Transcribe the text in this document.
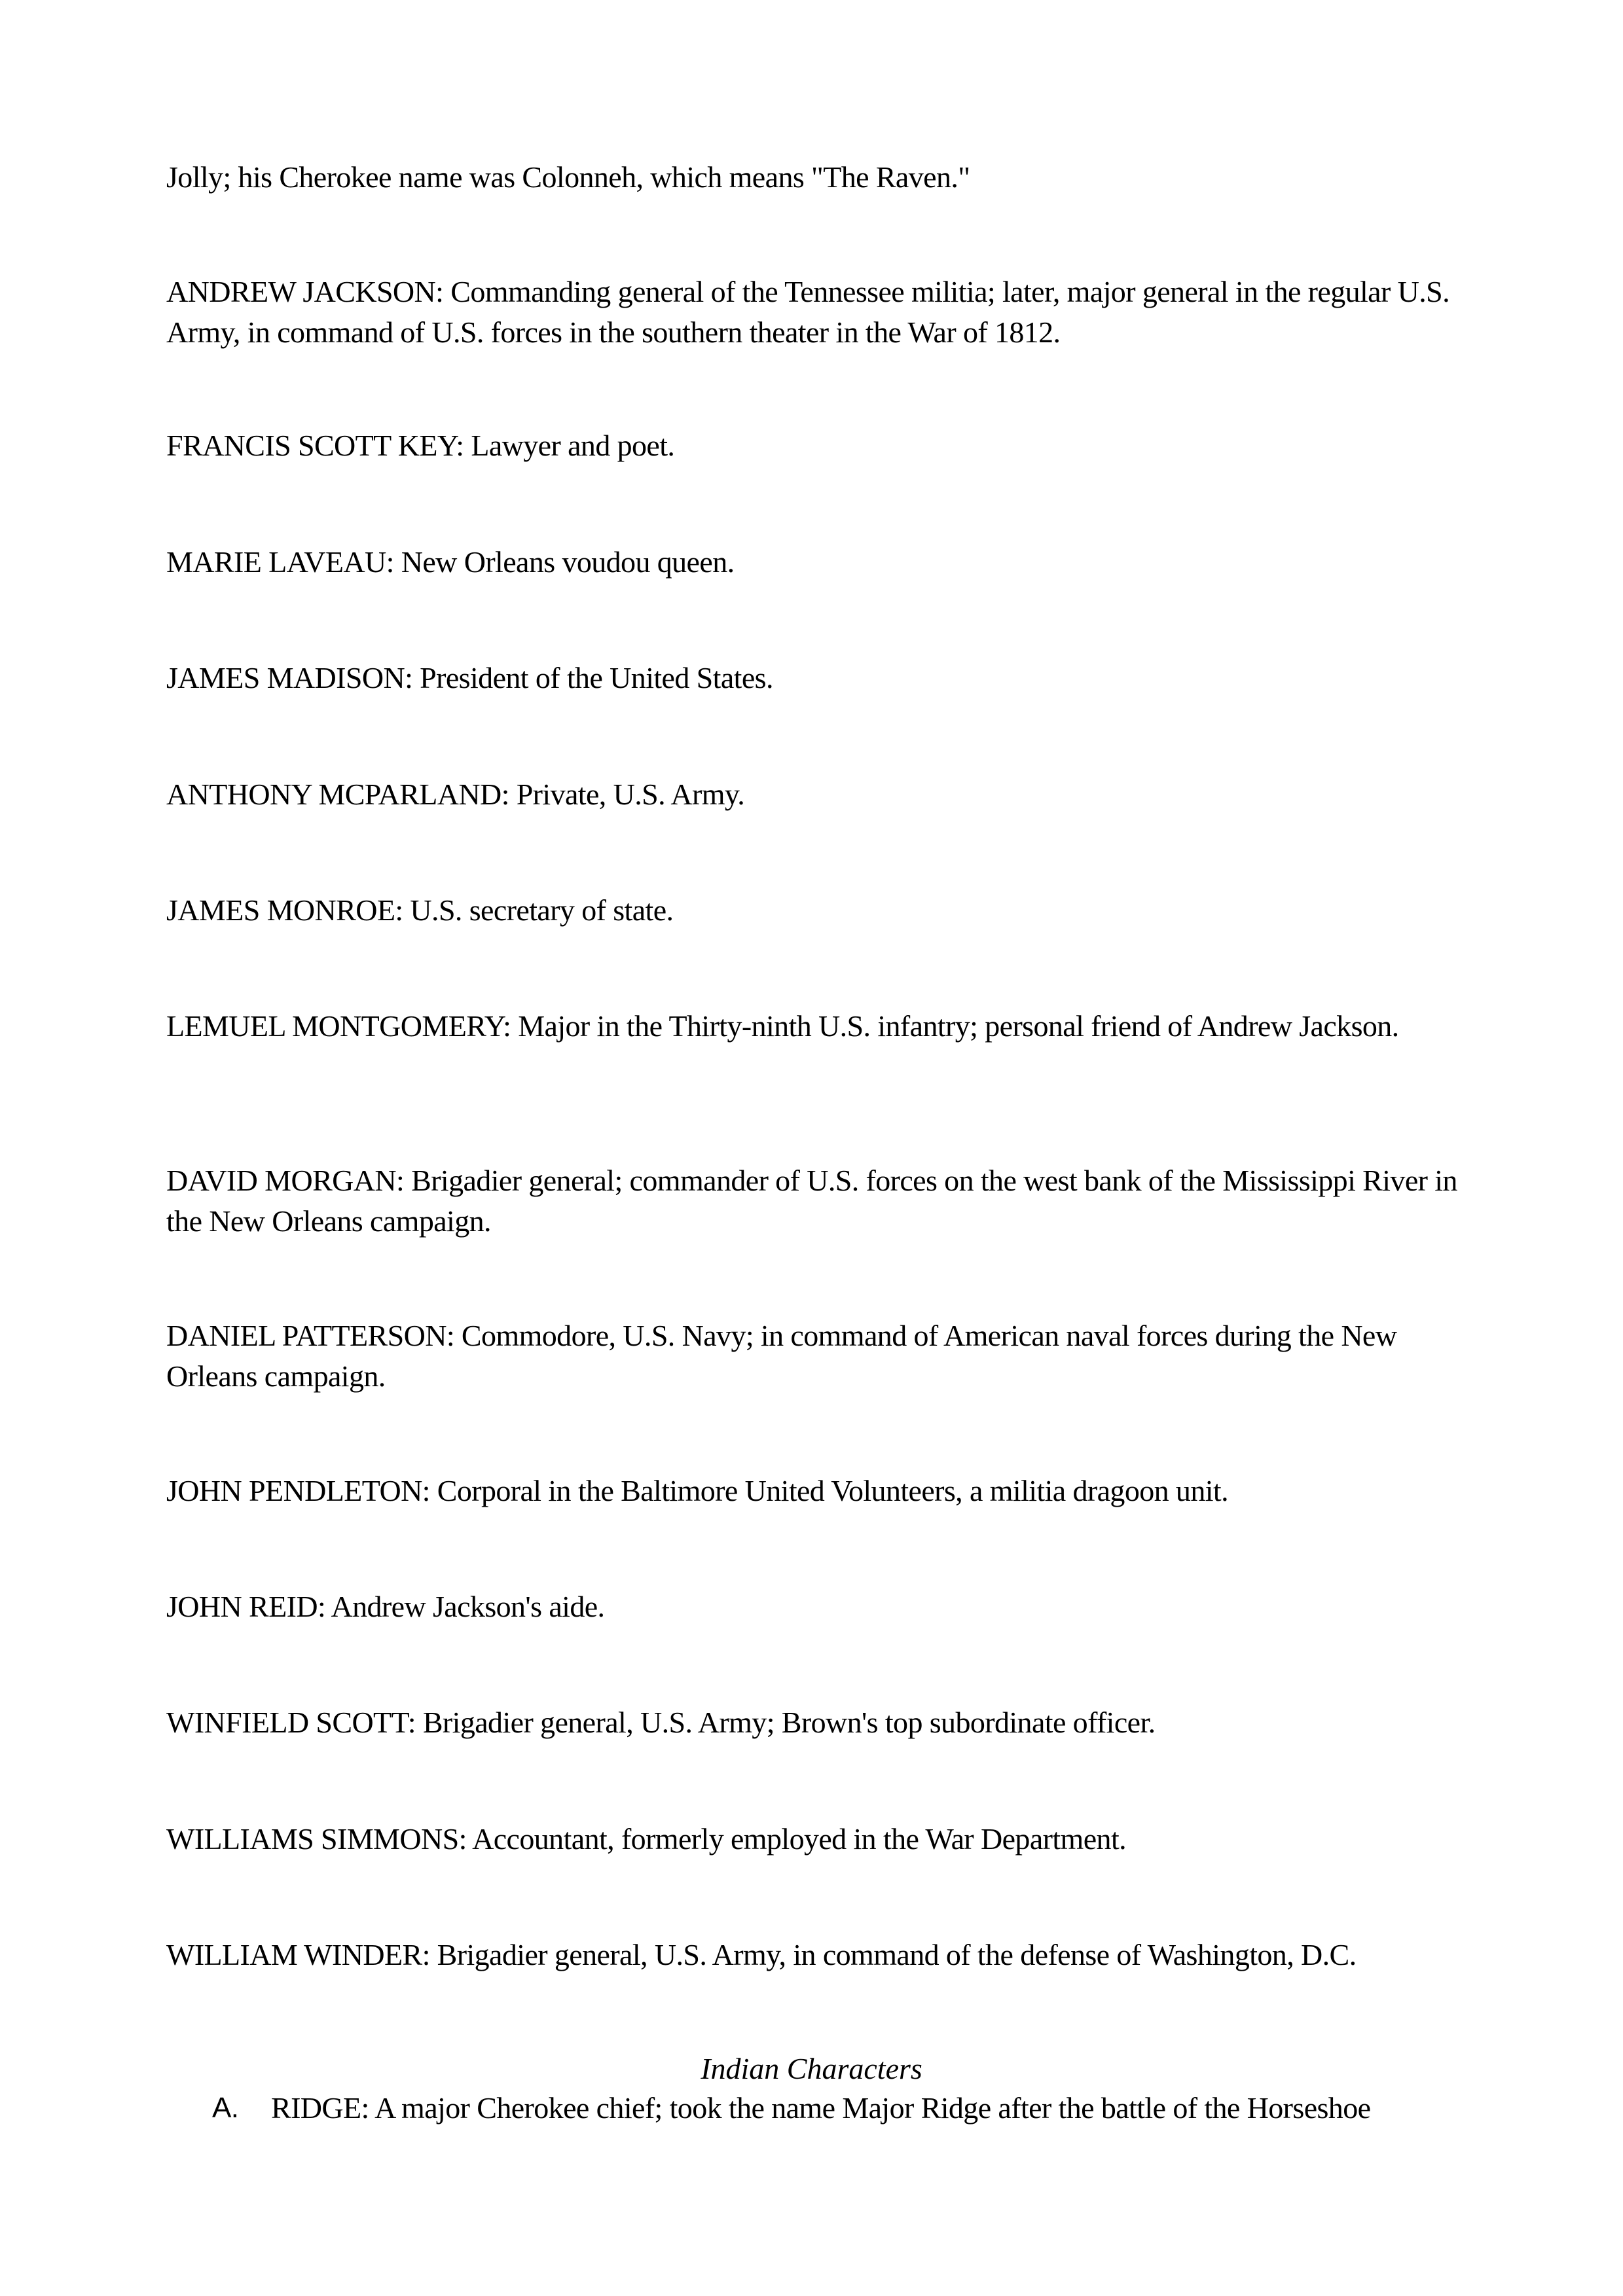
Jolly; his Cherokee name was Colonneh, which means "The Raven."

ANDREW JACKSON: Commanding general of the Tennessee militia; later, major general in the regular U.S. Army, in command of U.S. forces in the southern theater in the War of 1812.

FRANCIS SCOTT KEY: Lawyer and poet.

MARIE LAVEAU: New Orleans voudou queen.

JAMES MADISON: President of the United States.

ANTHONY MCPARLAND: Private, U.S. Army.

JAMES MONROE: U.S. secretary of state.

LEMUEL MONTGOMERY: Major in the Thirty-ninth U.S. infantry; personal friend of Andrew Jackson.

DAVID MORGAN: Brigadier general; commander of U.S. forces on the west bank of the Mississippi River in the New Orleans campaign.

DANIEL PATTERSON: Commodore, U.S. Navy; in command of American naval forces during the New Orleans campaign.

JOHN PENDLETON: Corporal in the Baltimore United Volunteers, a militia dragoon unit.

JOHN REID: Andrew Jackson's aide.

WINFIELD SCOTT: Brigadier general, U.S. Army; Brown's top subordinate officer.

WILLIAMS SIMMONS: Accountant, formerly employed in the War Department.

WILLIAM WINDER: Brigadier general, U.S. Army, in command of the defense of Washington, D.C.

Indian Characters

A. RIDGE: A major Cherokee chief; took the name Major Ridge after the battle of the Horseshoe
